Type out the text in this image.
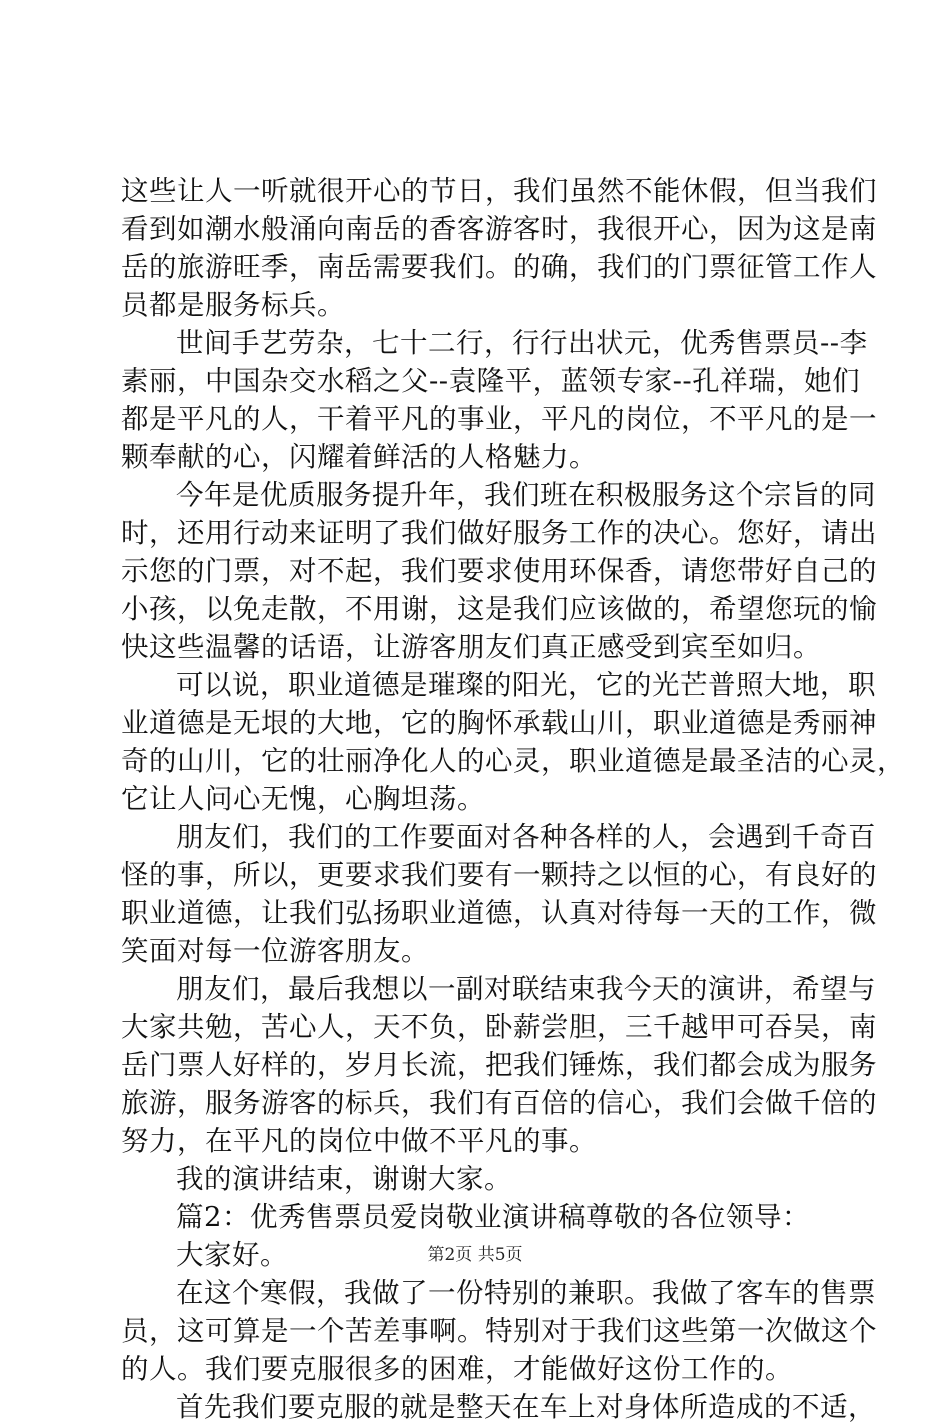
这些让人一听就很开心的节日，我们虽然不能休假，但当我们
看到如潮水般涌向南岳的香客游客时，我很开心，因为这是南
岳的旅游旺季，南岳需要我们。的确，我们的门票征管工作人
员都是服务标兵。
世间手艺劳杂，七十二行，行行出状元，优秀售票员--李
素丽，中国杂交水稻之父--袁隆平，蓝领专家--孔祥瑞，她们
都是平凡的人，干着平凡的事业，平凡的岗位，不平凡的是一
颗奉献的心，闪耀着鲜活的人格魅力。
今年是优质服务提升年，我们班在积极服务这个宗旨的同
时，还用行动来证明了我们做好服务工作的决心。您好，请出
示您的门票，对不起，我们要求使用环保香，请您带好自己的
小孩，以免走散，不用谢，这是我们应该做的，希望您玩的愉
快这些温馨的话语，让游客朋友们真正感受到宾至如归。
可以说，职业道德是璀璨的阳光，它的光芒普照大地，职
业道德是无垠的大地，它的胸怀承载山川，职业道德是秀丽神
奇的山川，它的壮丽净化人的心灵，职业道德是最圣洁的心灵，
它让人问心无愧，心胸坦荡。
朋友们，我们的工作要面对各种各样的人，会遇到千奇百
怪的事，所以，更要求我们要有一颗持之以恒的心，有良好的
职业道德，让我们弘扬职业道德，认真对待每一天的工作，微
笑面对每一位游客朋友。
朋友们，最后我想以一副对联结束我今天的演讲，希望与
大家共勉，苦心人，天不负，卧薪尝胆，三千越甲可吞吴，南
岳门票人好样的，岁月长流，把我们锤炼，我们都会成为服务
旅游，服务游客的标兵，我们有百倍的信心，我们会做千倍的
努力，在平凡的岗位中做不平凡的事。
我的演讲结束，谢谢大家。
篇2：优秀售票员爱岗敬业演讲稿尊敬的各位领导：
大家好。
在这个寒假，我做了一份特别的兼职。我做了客车的售票
员，这可算是一个苦差事啊。特别对于我们这些第一次做这个
的人。我们要克服很多的困难，才能做好这份工作的。
首先我们要克服的就是整天在车上对身体所造成的不适，
第2页 共5页
